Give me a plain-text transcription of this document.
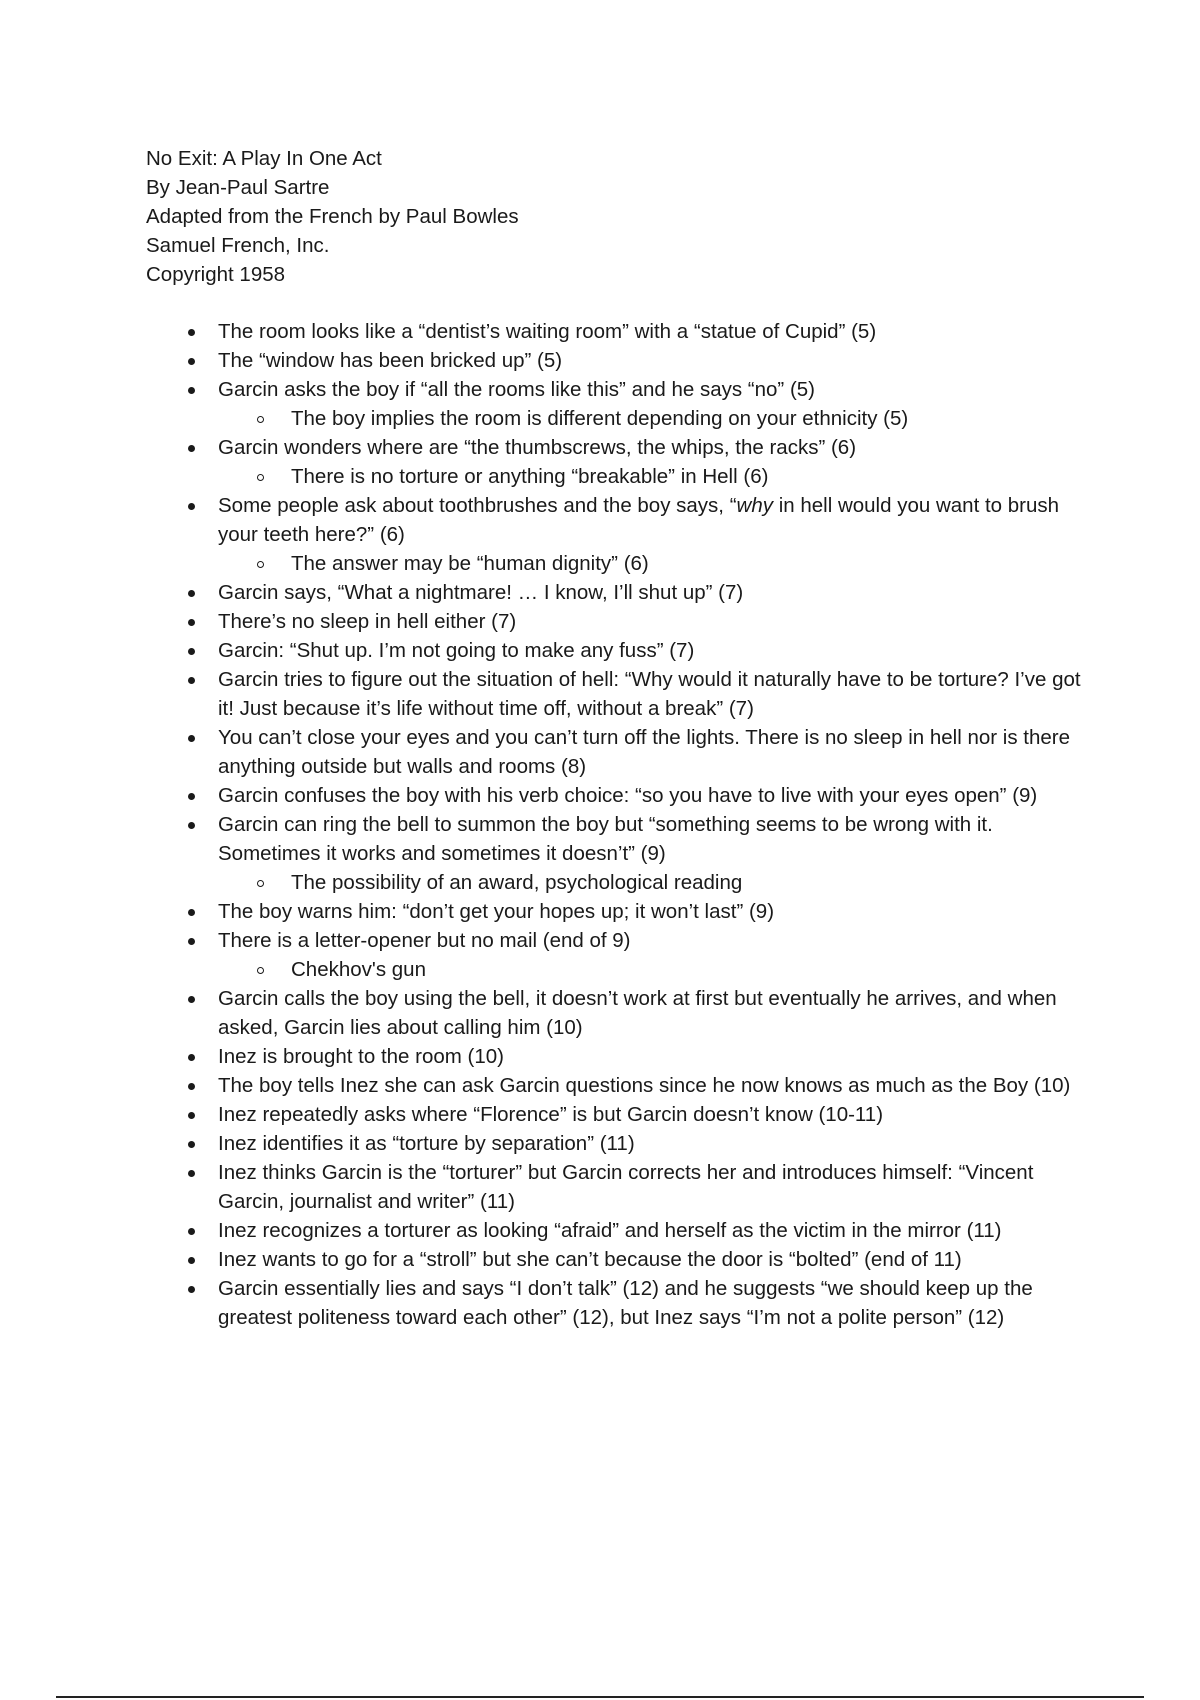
No Exit: A Play In One Act
By Jean-Paul Sartre
Adapted from the French by Paul Bowles
Samuel French, Inc.
Copyright 1958
The room looks like a “dentist’s waiting room” with a “statue of Cupid” (5)
The “window has been bricked up” (5)
Garcin asks the boy if “all the rooms like this” and he says “no” (5)
The boy implies the room is different depending on your ethnicity (5)
Garcin wonders where are “the thumbscrews, the whips, the racks” (6)
There is no torture or anything “breakable” in Hell (6)
Some people ask about toothbrushes and the boy says, “why in hell would you want to brush your teeth here?” (6)
The answer may be “human dignity” (6)
Garcin says, “What a nightmare! … I know, I’ll shut up” (7)
There’s no sleep in hell either (7)
Garcin: “Shut up. I’m not going to make any fuss” (7)
Garcin tries to figure out the situation of hell: “Why would it naturally have to be torture? I’ve got it! Just because it’s life without time off, without a break” (7)
You can’t close your eyes and you can’t turn off the lights. There is no sleep in hell nor is there anything outside but walls and rooms (8)
Garcin confuses the boy with his verb choice: “so you have to live with your eyes open” (9)
Garcin can ring the bell to summon the boy but “something seems to be wrong with it. Sometimes it works and sometimes it doesn’t” (9)
The possibility of an award, psychological reading
The boy warns him: “don’t get your hopes up; it won’t last” (9)
There is a letter-opener but no mail (end of 9)
Chekhov's gun
Garcin calls the boy using the bell, it doesn’t work at first but eventually he arrives, and when asked, Garcin lies about calling him (10)
Inez is brought to the room (10)
The boy tells Inez she can ask Garcin questions since he now knows as much as the Boy (10)
Inez repeatedly asks where “Florence” is but Garcin doesn’t know (10-11)
Inez identifies it as “torture by separation” (11)
Inez thinks Garcin is the “torturer” but Garcin corrects her and introduces himself: “Vincent Garcin, journalist and writer” (11)
Inez recognizes a torturer as looking “afraid” and herself as the victim in the mirror (11)
Inez wants to go for a “stroll” but she can’t because the door is “bolted” (end of 11)
Garcin essentially lies and says “I don’t talk” (12) and he suggests “we should keep up the greatest politeness toward each other” (12), but Inez says “I’m not a polite person” (12)
